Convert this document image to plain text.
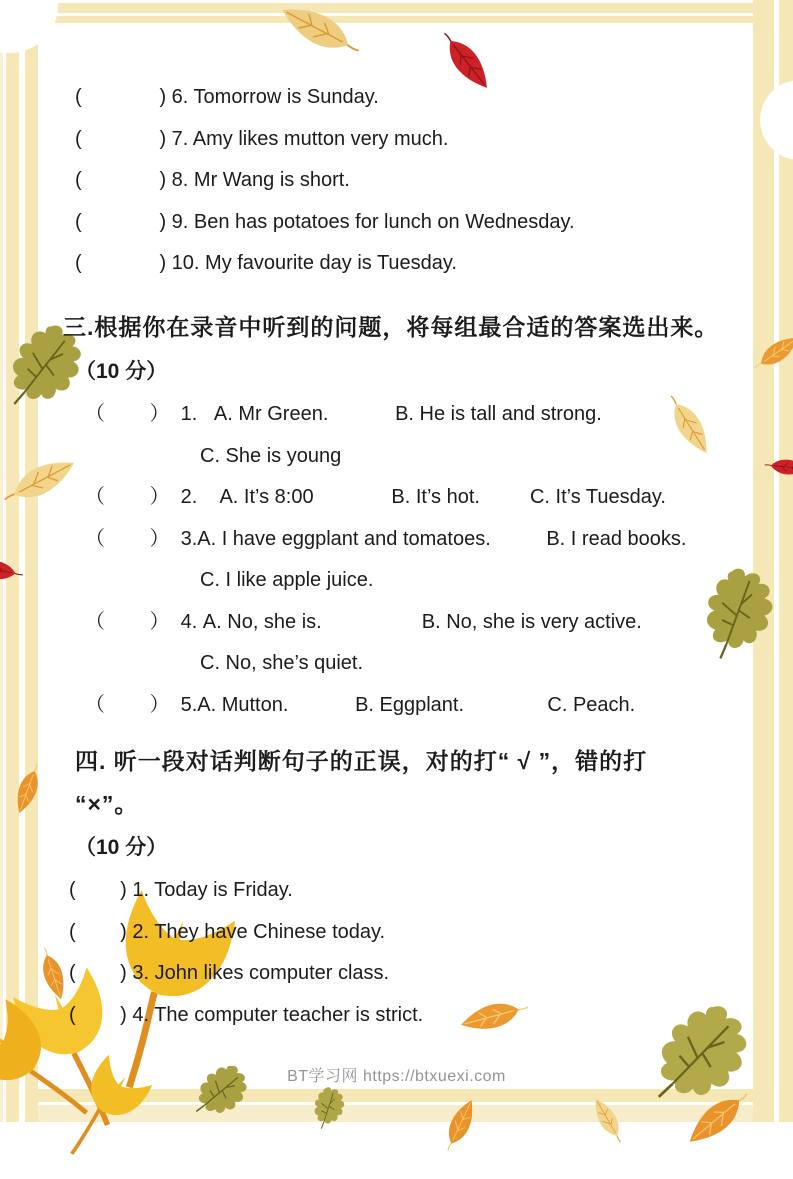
(              ) 6. Tomorrow is Sunday.
(              ) 7. Amy likes mutton very much.
(              ) 8. Mr Wang is short.
(              ) 9. Ben has potatoes for lunch on Wednesday.
(              ) 10. My favourite day is Tuesday.
三.根据你在录音中听到的问题，将每组最合适的答案选出来。
（10 分）
（        ）  1.   A. Mr Green.            B. He is tall and strong.
C. She is young
（        ）  2.    A. It’s 8:00              B. It’s hot.         C. It’s Tuesday.
（        ）  3.A. I have eggplant and tomatoes.          B. I read books.
C. I like apple juice.
（        ）  4. A. No, she is.                  B. No, she is very active.
C. No, she’s quiet.
（        ）  5.A. Mutton.            B. Eggplant.               C. Peach.
四. 听一段对话判断句子的正误，对的打“ √ ”，错的打
“×”。
（10 分）
(        ) 1. Today is Friday.
(        ) 2. They have Chinese today.
(        ) 3. John likes computer class.
(        ) 4. The computer teacher is strict.
BT学习网 https://btxuexi.com
